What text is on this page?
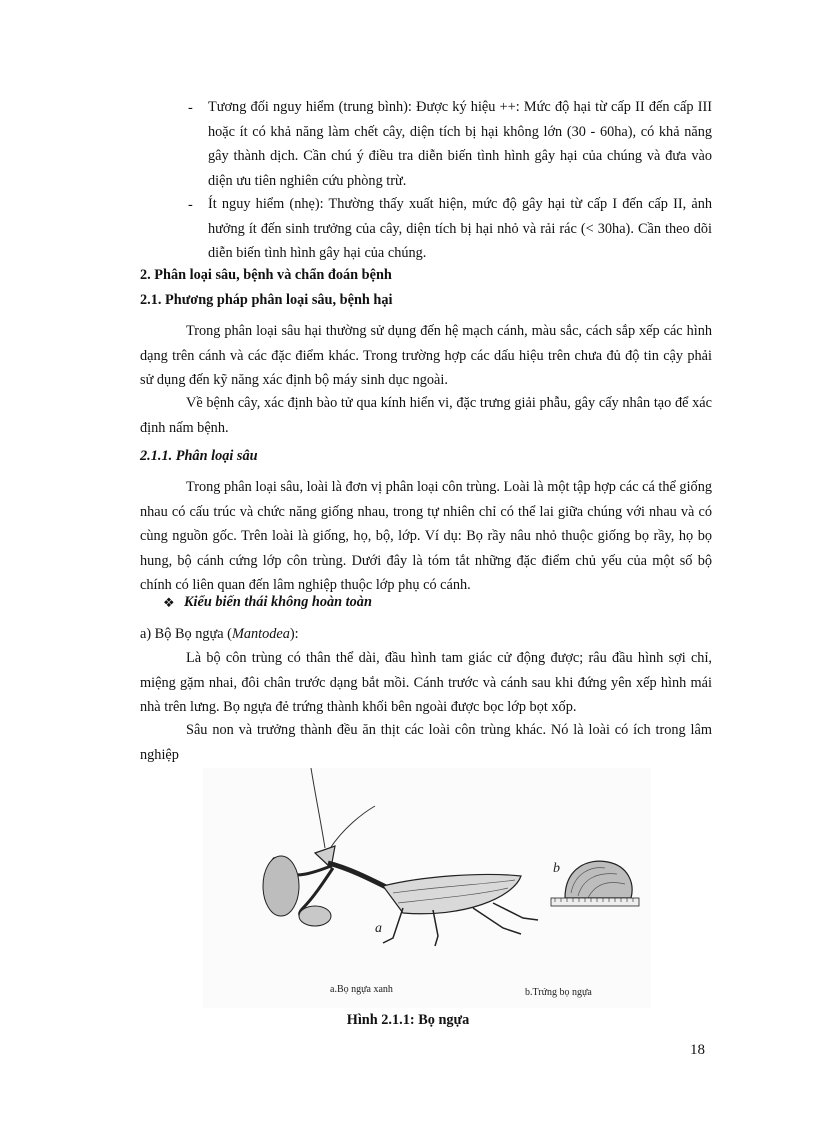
- Tương đối nguy hiểm (trung bình): Được ký hiệu ++: Mức độ hại từ cấp II đến cấp III hoặc ít có khả năng làm chết cây, diện tích bị hại không lớn (30 - 60ha), có khả năng gây thành dịch. Cần chú ý điều tra diễn biến tình hình gây hại của chúng và đưa vào diện ưu tiên nghiên cứu phòng trừ.

- Ít nguy hiểm (nhẹ): Thường thấy xuất hiện, mức độ gây hại từ cấp I đến cấp II, ảnh hưởng ít đến sinh trưởng của cây, diện tích bị hại nhỏ và rải rác (< 30ha). Cần theo dõi diễn biến tình hình gây hại của chúng.

2. Phân loại sâu, bệnh và chẩn đoán bệnh
2.1. Phương pháp phân loại sâu, bệnh hại

Trong phân loại sâu hại thường sử dụng đến hệ mạch cánh, màu sắc, cách sắp xếp các hình dạng trên cánh và các đặc điểm khác. Trong trường hợp các dấu hiệu trên chưa đủ độ tin cậy phải sử dụng đến kỹ năng xác định bộ máy sinh dục ngoài.

Về bệnh cây, xác định bào tử qua kính hiển vi, đặc trưng giải phẫu, gây cấy nhân tạo để xác định nấm bệnh.

2.1.1. Phân loại sâu

Trong phân loại sâu, loài là đơn vị phân loại côn trùng. Loài là một tập hợp các cá thể giống nhau có cấu trúc và chức năng giống nhau, trong tự nhiên chỉ có thể lai giữa chúng với nhau và có cùng nguồn gốc. Trên loài là giống, họ, bộ, lớp. Ví dụ: Bọ rầy nâu nhỏ thuộc giống bọ rầy, họ bọ hung, bộ cánh cứng lớp côn trùng. Dưới đây là tóm tắt những đặc điểm chủ yếu của một số bộ chính có liên quan đến lâm nghiệp thuộc lớp phụ có cánh.

❖ Kiểu biến thái không hoàn toàn

a) Bộ Bọ ngựa (Mantodea):

Là bộ côn trùng có thân thể dài, đầu hình tam giác cử động được; râu đầu hình sợi chỉ, miệng gặm nhai, đôi chân trước dạng bắt mồi. Cánh trước và cánh sau khi đứng yên xếp hình mái nhà trên lưng. Bọ ngựa đẻ trứng thành khối bên ngoài được bọc lớp bọt xốp.

Sâu non và trưởng thành đều ăn thịt các loài côn trùng khác. Nó là loài có ích trong lâm nghiệp

a
b
a.Bọ ngựa xanh	b.Trứng bọ ngựa
Hình 2.1.1: Bọ ngựa
18
